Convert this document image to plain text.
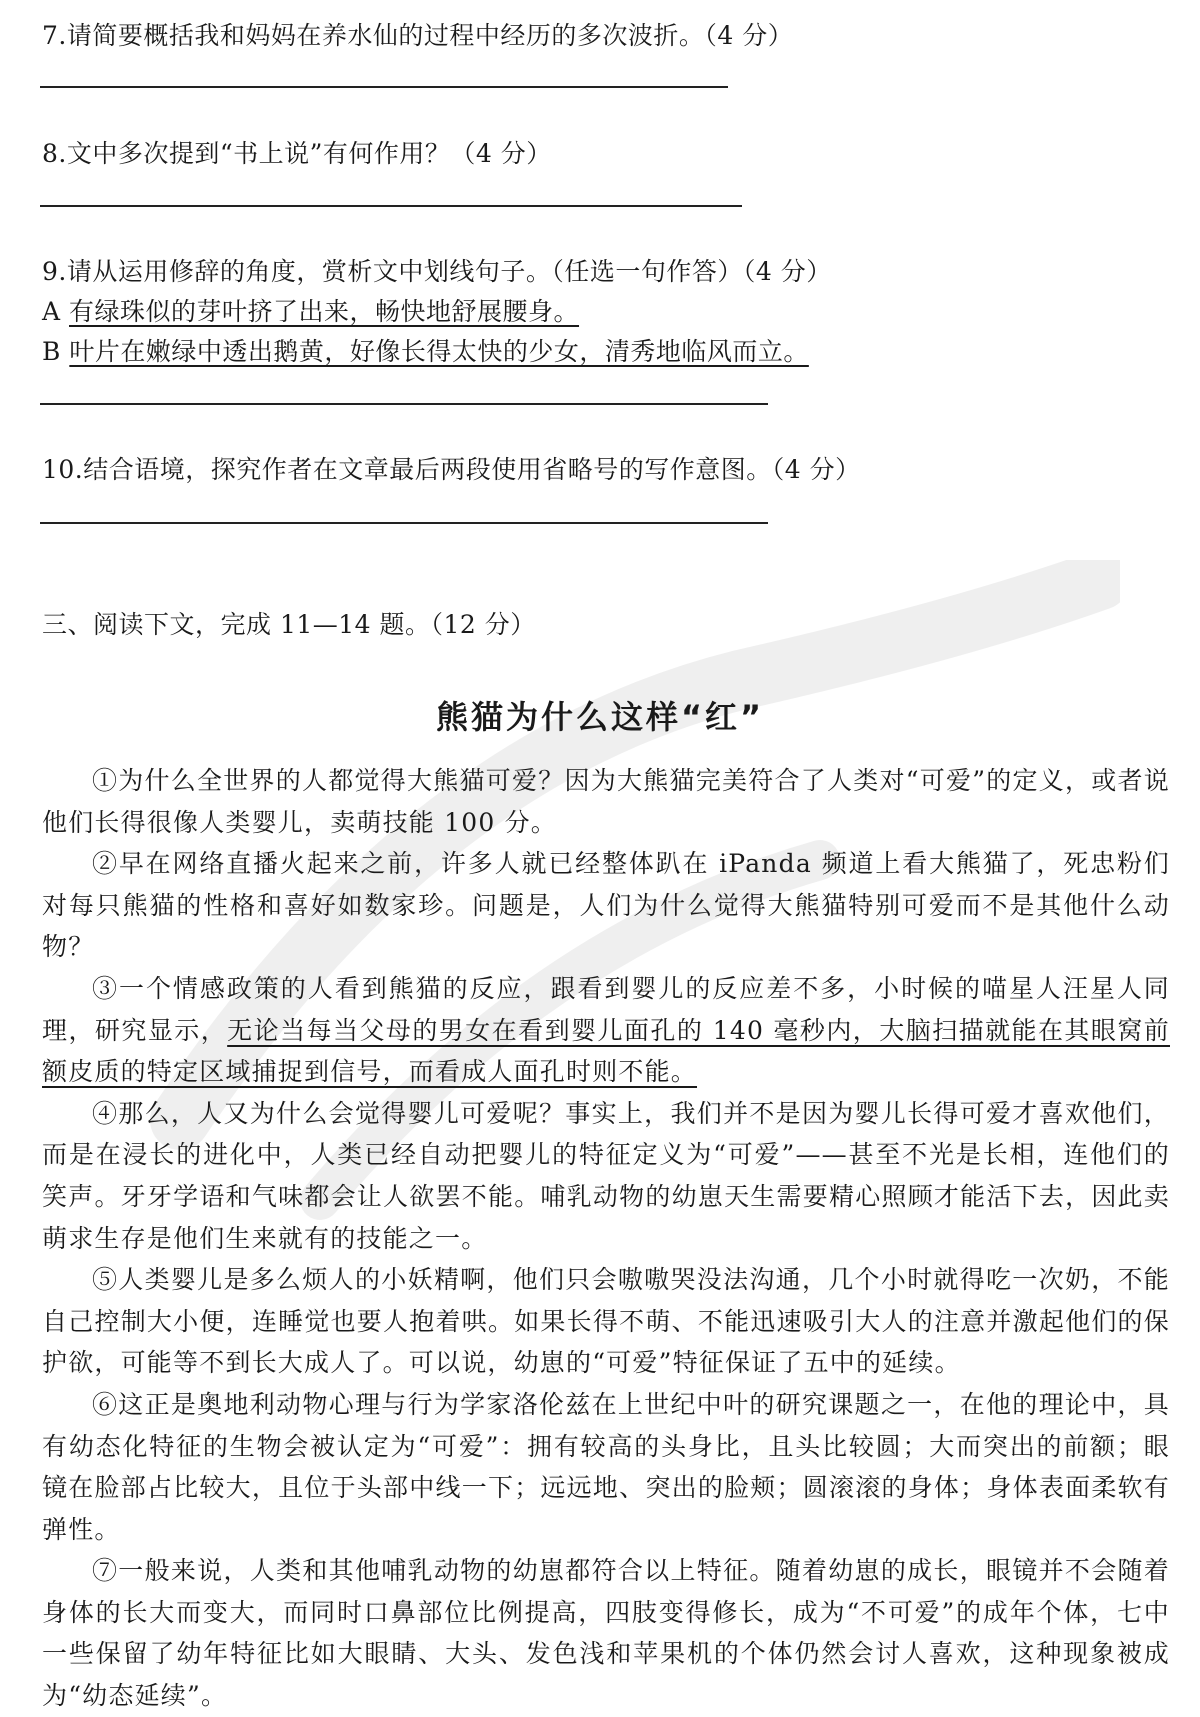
7.请简要概括我和妈妈在养水仙的过程中经历的多次波折。（4 分）
8.文中多次提到“书上说”有何作用？（4 分）
9.请从运用修辞的角度，赏析文中划线句子。（任选一句作答）（4 分）
A 有绿珠似的芽叶挤了出来，畅快地舒展腰身。
B 叶片在嫩绿中透出鹅黄，好像长得太快的少女，清秀地临风而立。
10.结合语境，探究作者在文章最后两段使用省略号的写作意图。（4 分）
三、阅读下文，完成 11—14 题。（12 分）
熊猫为什么这样“红”

①为什么全世界的人都觉得大熊猫可爱？因为大熊猫完美符合了人类对“可爱”的定义，或者说他们长得很像人类婴儿，卖萌技能 100 分。

②早在网络直播火起来之前，许多人就已经整体趴在 iPanda 频道上看大熊猫了，死忠粉们对每只熊猫的性格和喜好如数家珍。问题是，人们为什么觉得大熊猫特别可爱而不是其他什么动物？

③一个情感政策的人看到熊猫的反应，跟看到婴儿的反应差不多，小时候的喵星人汪星人同理，研究显示，无论当每当父母的男女在看到婴儿面孔的 140 毫秒内，大脑扫描就能在其眼窝前额皮质的特定区域捕捉到信号，而看成人面孔时则不能。

④那么，人又为什么会觉得婴儿可爱呢？事实上，我们并不是因为婴儿长得可爱才喜欢他们，而是在浸长的进化中，人类已经自动把婴儿的特征定义为“可爱”——甚至不光是长相，连他们的笑声。牙牙学语和气味都会让人欲罢不能。哺乳动物的幼崽天生需要精心照顾才能活下去，因此卖萌求生存是他们生来就有的技能之一。

⑤人类婴儿是多么烦人的小妖精啊，他们只会嗷嗷哭没法沟通，几个小时就得吃一次奶，不能自己控制大小便，连睡觉也要人抱着哄。如果长得不萌、不能迅速吸引大人的注意并激起他们的保护欲，可能等不到长大成人了。可以说，幼崽的“可爱”特征保证了五中的延续。

⑥这正是奥地利动物心理与行为学家洛伦兹在上世纪中叶的研究课题之一，在他的理论中，具有幼态化特征的生物会被认定为“可爱”：拥有较高的头身比，且头比较圆；大而突出的前额；眼镜在脸部占比较大，且位于头部中线一下；远远地、突出的脸颊；圆滚滚的身体；身体表面柔软有弹性。

⑦一般来说，人类和其他哺乳动物的幼崽都符合以上特征。随着幼崽的成长，眼镜并不会随着身体的长大而变大，而同时口鼻部位比例提高，四肢变得修长，成为“不可爱”的成年个体，七中一些保留了幼年特征比如大眼睛、大头、发色浅和苹果机的个体仍然会讨人喜欢，这种现象被成为“幼态延续”。
